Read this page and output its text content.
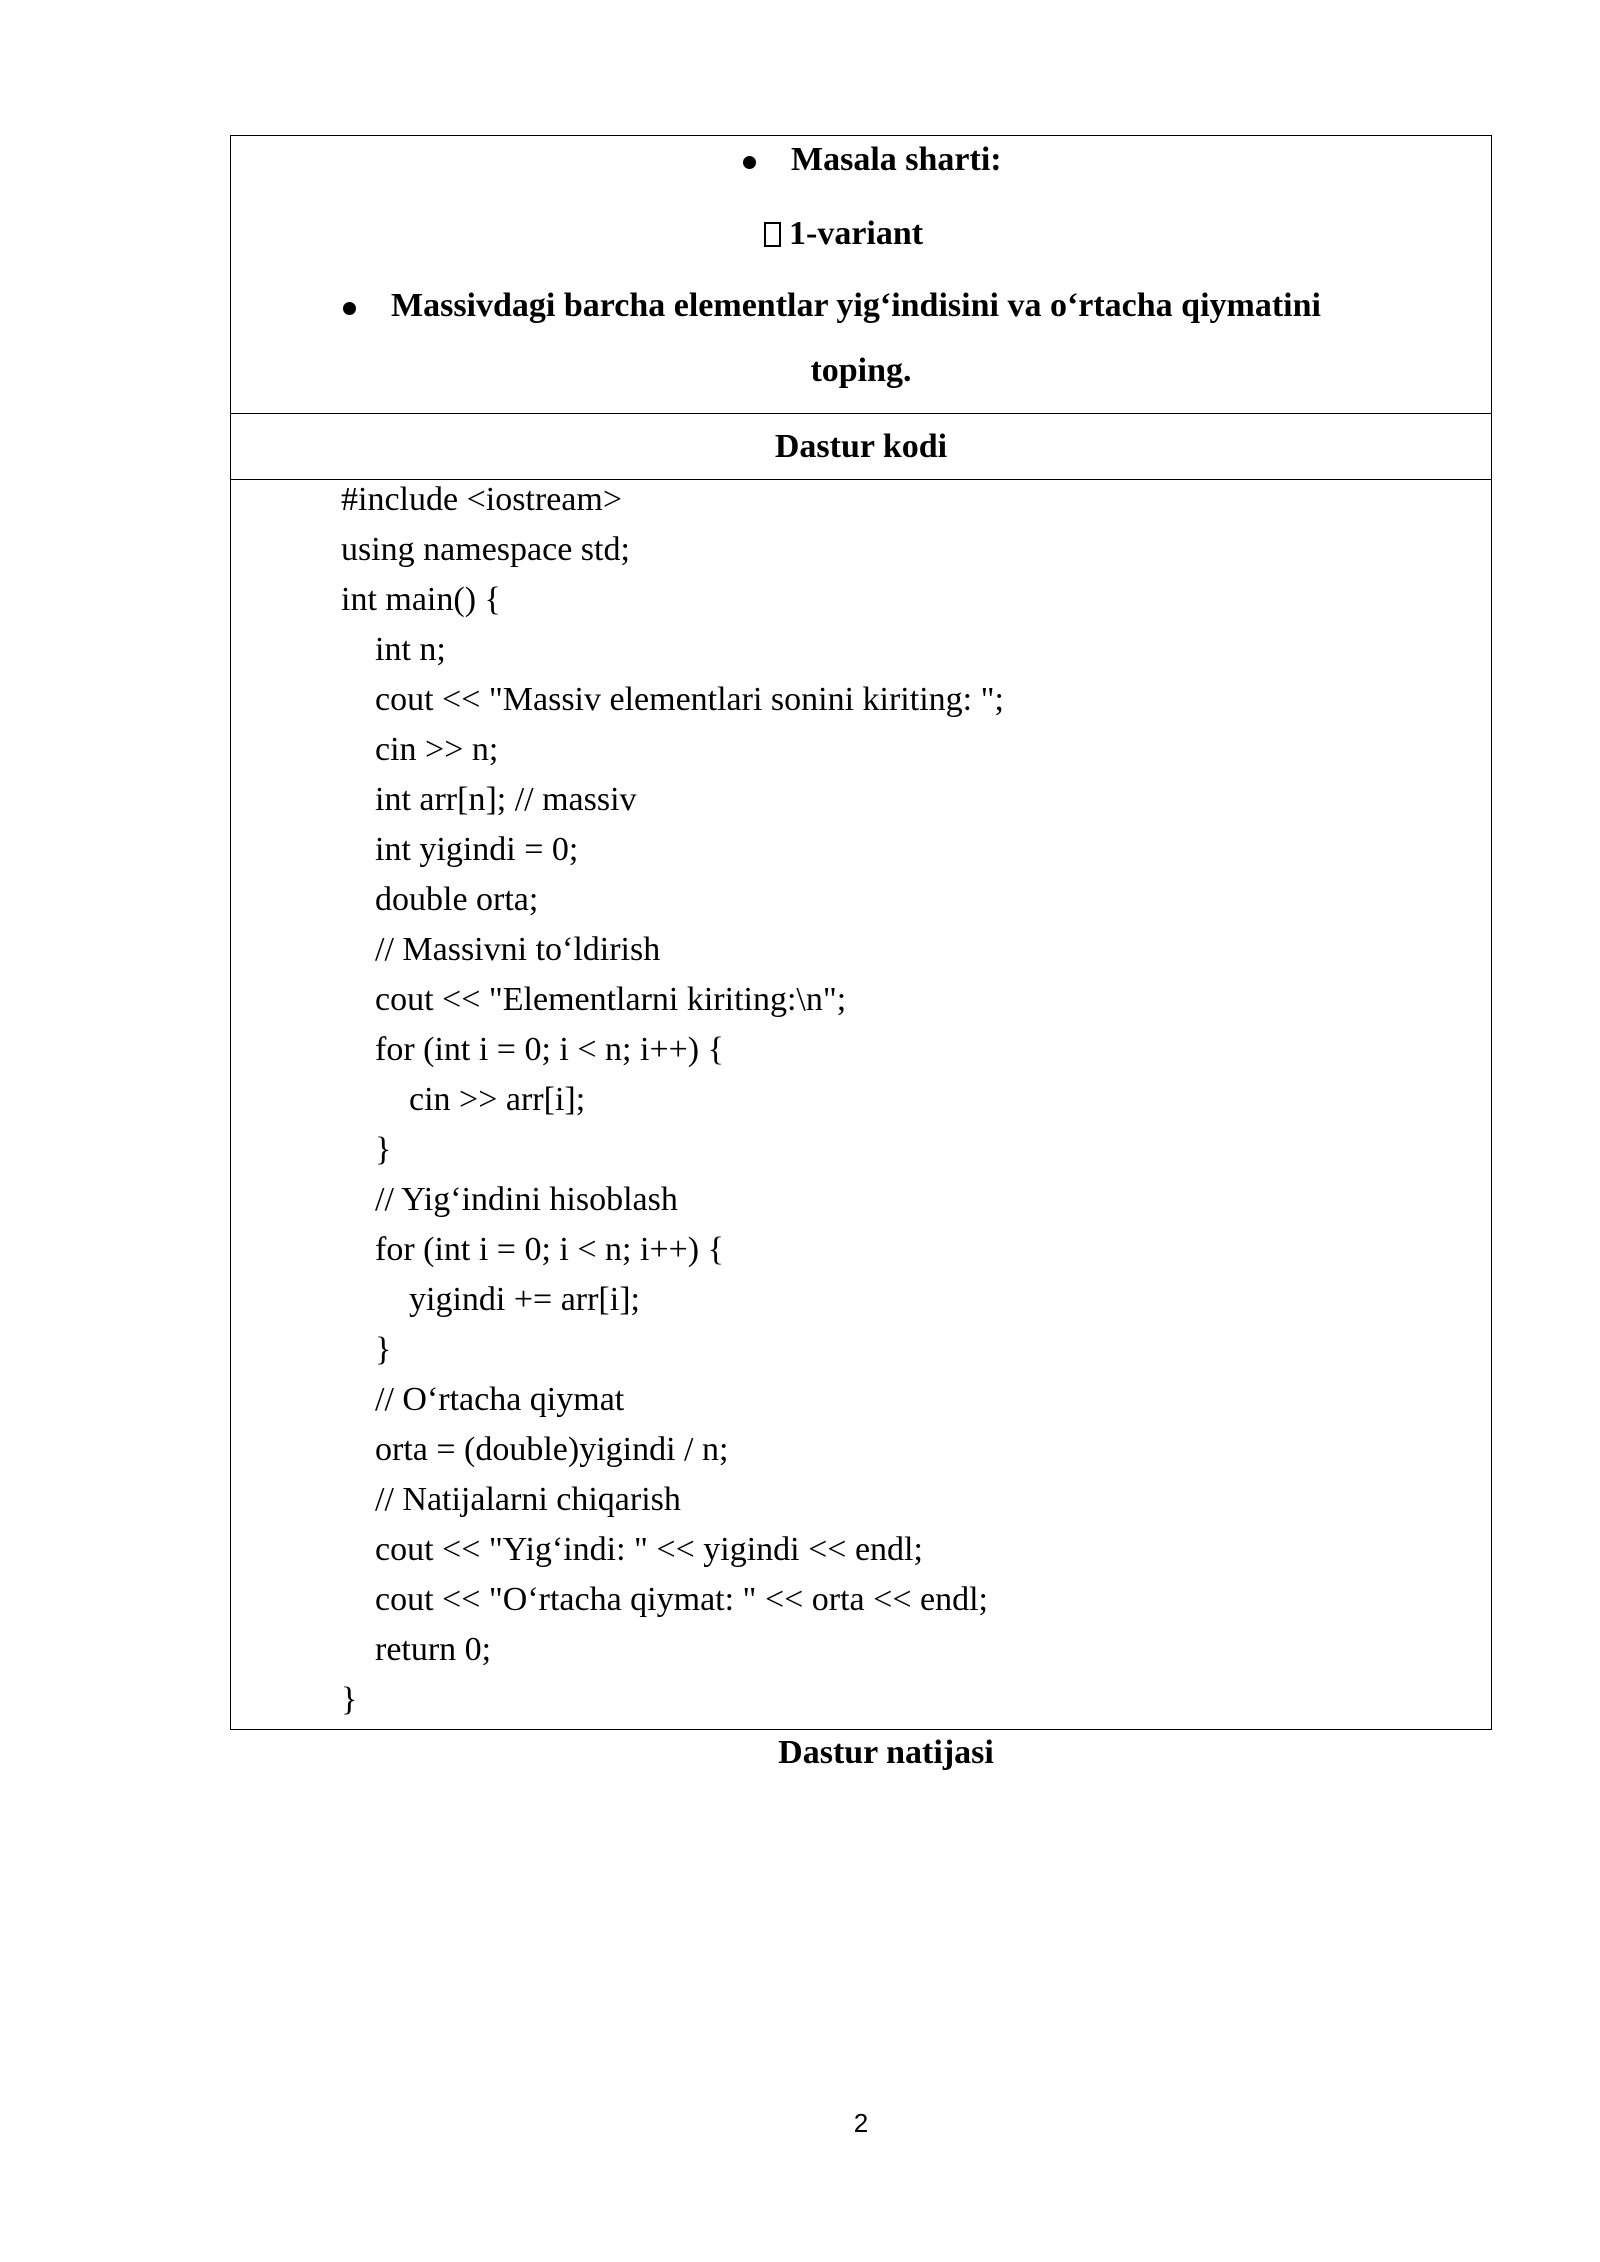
Masala sharti:
1-variant
Massivdagi barcha elementlar yig‘indisini va o‘rtacha qiymatini
toping.
Dastur kodi
#include <iostream>
using namespace std;
int main() {
int n;
cout << "Massiv elementlari sonini kiriting: ";
cin >> n;
int arr[n]; // massiv
int yigindi = 0;
double orta;
// Massivni to‘ldirish
cout << "Elementlarni kiriting:\n";
for (int i = 0; i < n; i++) {
cin >> arr[i];
}
// Yig‘indini hisoblash
for (int i = 0; i < n; i++) {
yigindi += arr[i];
}
// O‘rtacha qiymat
orta = (double)yigindi / n;
// Natijalarni chiqarish
cout << "Yig‘indi: " << yigindi << endl;
cout << "O‘rtacha qiymat: " << orta << endl;
return 0;
}
Dastur natijasi
2
